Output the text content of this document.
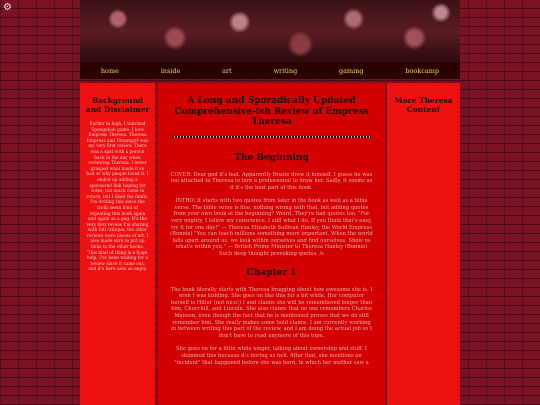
⚙
home	inside	art	writing	gaming	bookcamp
Background and Disclaimer
Earlier in high, I watched Spongebob game. I love Empress Theresa. Theresa Empress and Dreamgirl was my very first review. There was a spat with a person back in the day when reviewing Theresa. I never grasped what made it so bad or why people loved it. I ended up adding a sponsored link hoping for votes; not much came in return, but I liked the fanfic. I'm writing this since the trolls seem fond of repeating this book again and again as a gag. It's the very first review I'm sharing with full critique; the other reviews were pieces of art. I also made sure to put up links to the other books. This kind of thing is a huge help. I've been waiting for a review since it came out, and it's here now, so enjoy.
A Long and Sporadically Updated Comprehensive-ish Review of Empress Theresa
The Beginning
COVER: Dear god it's bad. Apparently Brazie drew it himself. I guess he was too attached to Theresa to hire a professional to draw her. Sadly, it seems as if it's the best part of this book.
INTRO: It starts with two quotes from later in the book as well as a bible verse. The bible verse is fine, nothing wrong with that, but adding quotes from your own book at the beginning? Weird. They're bad quotes too. "For very mighty, I follow my conscience. I still what I do. If you think that's easy, try it for one day!" — Theresa Elizabeth Sullivan Hanley, the World Empress (Bonnie) "You can teach millions something more important. When the world falls apart around us, we look within ourselves and find ourselves. Show us what's within you." — British Prime Minister to Theresa Hanley (Bonnie) Such deep thought provoking quotes. /s
Chapter 1
The book literally starts with Theresa bragging about how awesome she is. I wish I was kidding. She goes on like this for a bit while. Her computer herself is Hitler (not nice!) I and claims she will be remembered longer than him, Churchill, and Lincoln. She also claims that no one remembers Charles Manson, even though the fact that he is mentioned proves that we do still remember him. She really makes some bold claims. I am currently working in between writing this part of the review, and I am doing the actual job so I don't have to read anymore of this tope.
She goes on for a little while longer, talking about ownership and stuff. I skimmed this because it's boring as hell. After that, she mentions an "incident" that happened before she was born, in which her mother saw a
More Theresa Content
